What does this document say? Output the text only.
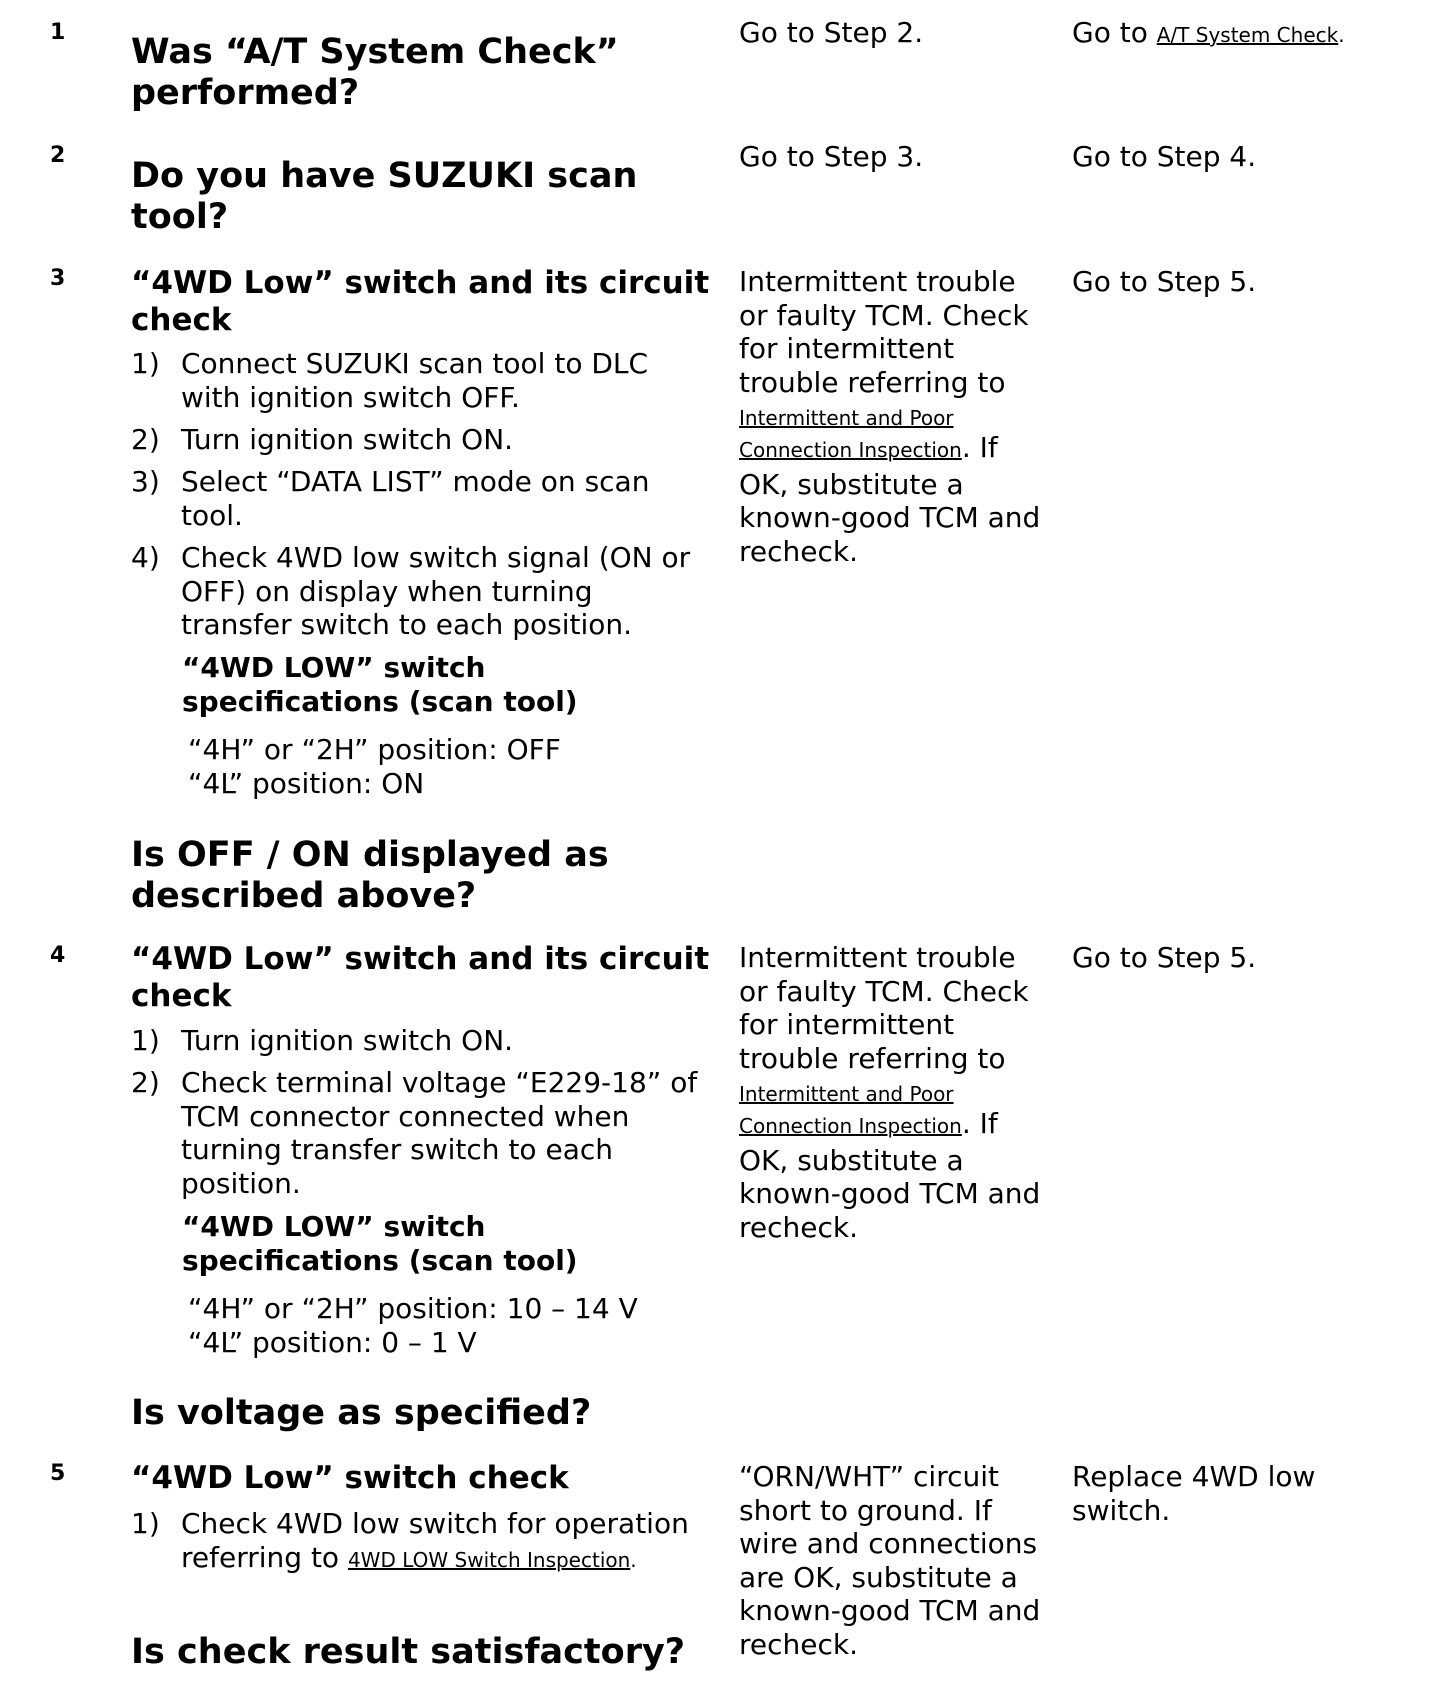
1 Was “A/T System Check”
performed?
Go to Step 2.	Go to A/T System Check.
2
Do you have SUZUKI scan
tool?
Go to Step 3.	Go to Step 4.
3 “4WD Low” switch and its circuit
check
1) Connect SUZUKI scan tool to DLC
with ignition switch OFF.
2) Turn ignition switch ON.
3) Select “DATA LIST” mode on scan
tool.
4) Check 4WD low switch signal (ON or
OFF) on display when turning
transfer switch to each position.
“4WD LOW” switch
specifications (scan tool)
“4H” or “2H” position: OFF
“4L” position: ON
Is OFF / ON displayed as
described above?
Intermittent trouble
or faulty TCM. Check
for intermittent
trouble referring to
Intermittent and Poor
Connection Inspection. If
OK, substitute a
known-good TCM and
recheck.
Go to Step 5.
4 “4WD Low” switch and its circuit
check
1) Turn ignition switch ON.
2) Check terminal voltage “E229-18” of
TCM connector connected when
turning transfer switch to each
position.
“4WD LOW” switch
specifications (scan tool)
“4H” or “2H” position: 10 – 14 V
“4L” position: 0 – 1 V
Is voltage as specified?
Intermittent trouble
or faulty TCM. Check
for intermittent
trouble referring to
Intermittent and Poor
Connection Inspection. If
OK, substitute a
known-good TCM and
recheck.
Go to Step 5.
5 “4WD Low” switch check
1) Check 4WD low switch for operation
referring to 4WD LOW Switch Inspection.
Is check result satisfactory?
“ORN/WHT” circuit
short to ground. If
wire and connections
are OK, substitute a
known-good TCM and
recheck.
Replace 4WD low
switch.
